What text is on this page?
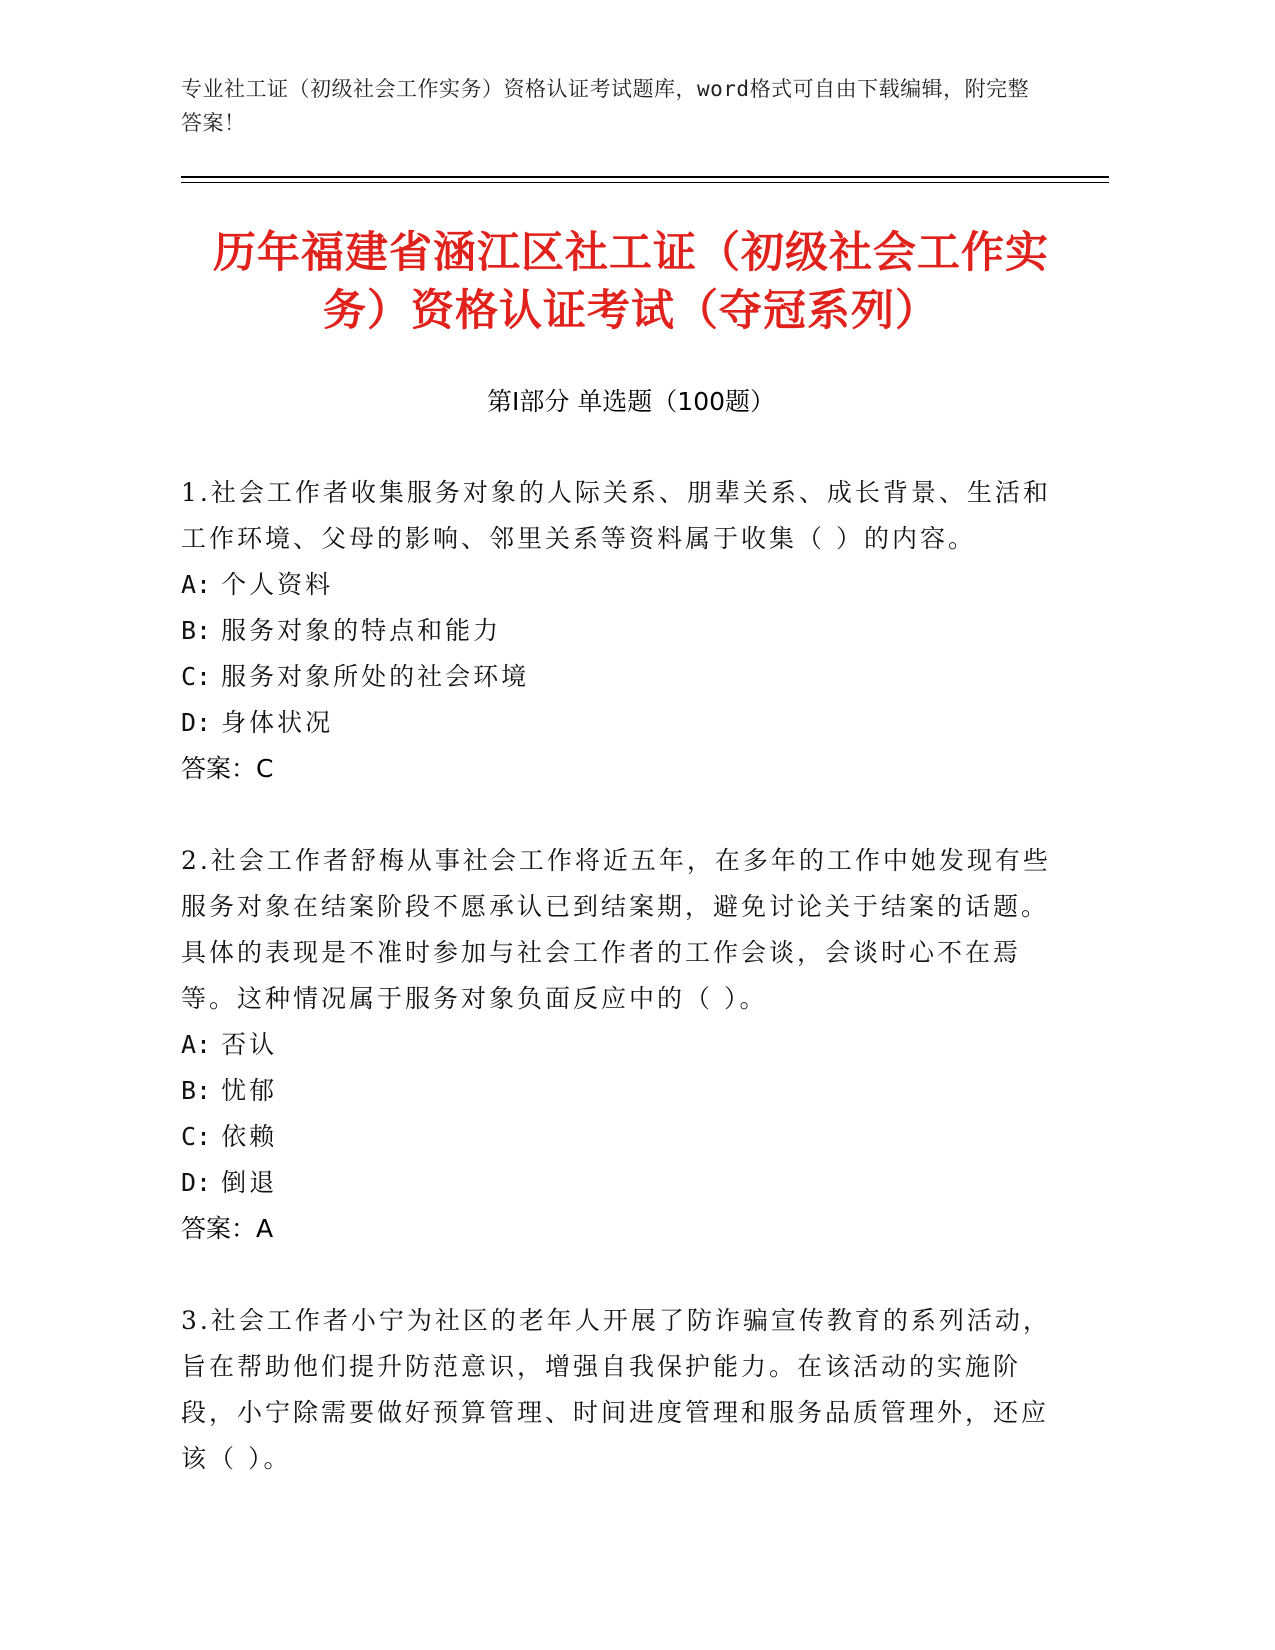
专业社工证（初级社会工作实务）资格认证考试题库，word格式可自由下载编辑，附完整答案！
历年福建省涵江区社工证（初级社会工作实务）资格认证考试（夺冠系列）
第Ⅰ部分 单选题（100题）
1.社会工作者收集服务对象的人际关系、朋辈关系、成长背景、生活和工作环境、父母的影响、邻里关系等资料属于收集（ ）的内容。
A: 个人资料
B: 服务对象的特点和能力
C: 服务对象所处的社会环境
D: 身体状况
答案：C
2.社会工作者舒梅从事社会工作将近五年，在多年的工作中她发现有些服务对象在结案阶段不愿承认已到结案期，避免讨论关于结案的话题。具体的表现是不准时参加与社会工作者的工作会谈，会谈时心不在焉等。这种情况属于服务对象负面反应中的（ ）。
A: 否认
B: 忧郁
C: 依赖
D: 倒退
答案：A
3.社会工作者小宁为社区的老年人开展了防诈骗宣传教育的系列活动，旨在帮助他们提升防范意识，增强自我保护能力。在该活动的实施阶段，小宁除需要做好预算管理、时间进度管理和服务品质管理外，还应该（ ）。
